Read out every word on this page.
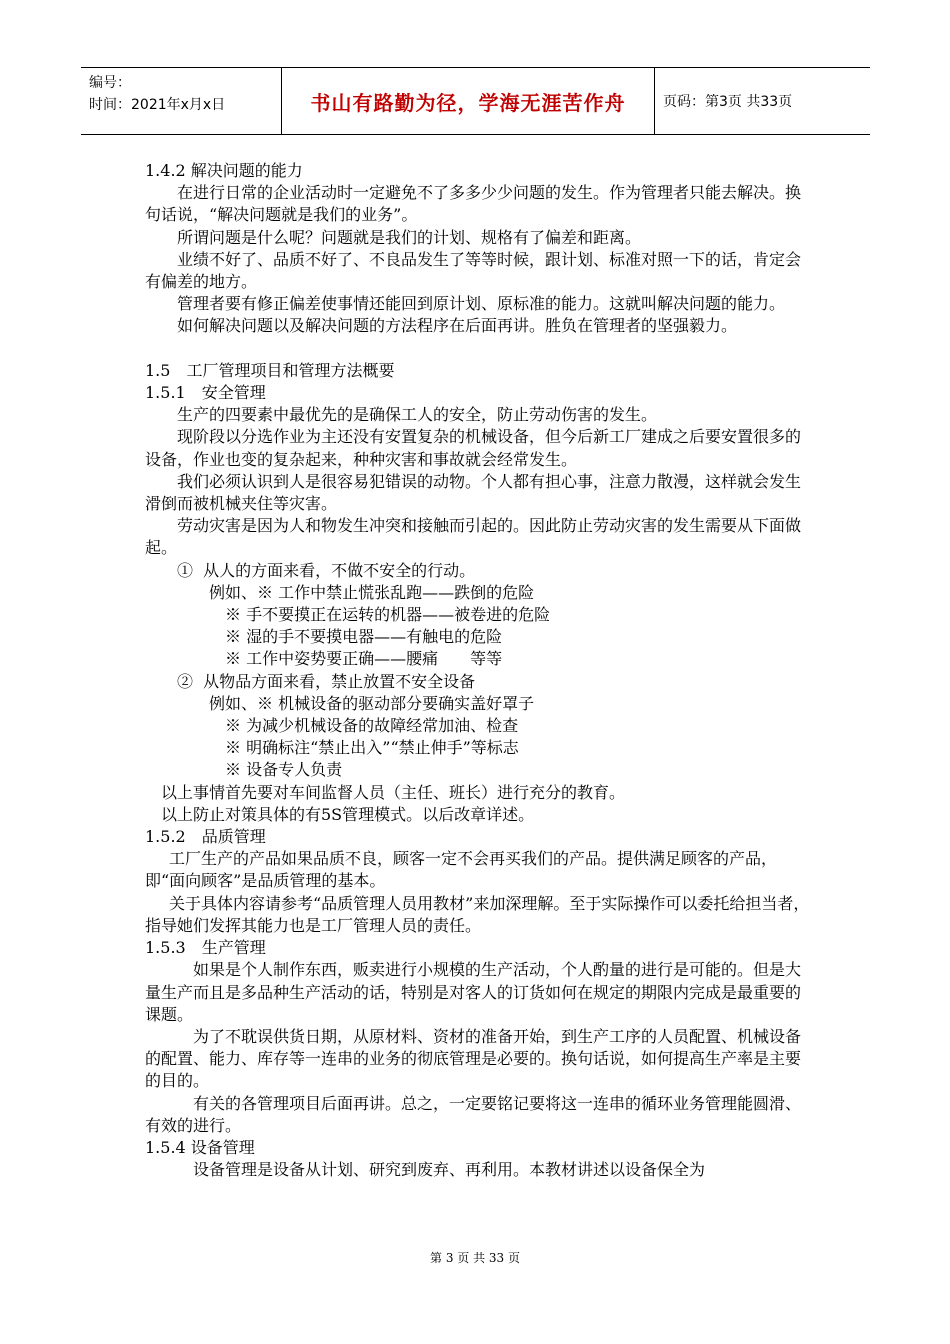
编号：
时间：2021年x月x日	书山有路勤为径，学海无涯苦作舟	页码：第3页 共33页

1.4.2 解决问题的能力

在进行日常的企业活动时一定避免不了多多少少问题的发生。作为管理者只能去解决。换句话说，“解决问题就是我们的业务”。

所谓问题是什么呢？问题就是我们的计划、规格有了偏差和距离。

业绩不好了、品质不好了、不良品发生了等等时候，跟计划、标准对照一下的话，肯定会有偏差的地方。

管理者要有修正偏差使事情还能回到原计划、原标准的能力。这就叫解决问题的能力。

如何解决问题以及解决问题的方法程序在后面再讲。胜负在管理者的坚强毅力。

1.5　工厂管理项目和管理方法概要

1.5.1　安全管理

生产的四要素中最优先的是确保工人的安全，防止劳动伤害的发生。

现阶段以分选作业为主还没有安置复杂的机械设备，但今后新工厂建成之后要安置很多的设备，作业也变的复杂起来，种种灾害和事故就会经常发生。

我们必须认识到人是很容易犯错误的动物。个人都有担心事，注意力散漫，这样就会发生滑倒而被机械夹住等灾害。

劳动灾害是因为人和物发生冲突和接触而引起的。因此防止劳动灾害的发生需要从下面做起。

①  从人的方面来看，不做不安全的行动。

例如、※ 工作中禁止慌张乱跑——跌倒的危险

※ 手不要摸正在运转的机器——被卷进的危险

※ 湿的手不要摸电器——有触电的危险

※ 工作中姿势要正确——腰痛　　等等

②  从物品方面来看，禁止放置不安全设备

例如、※ 机械设备的驱动部分要确实盖好罩子

※ 为减少机械设备的故障经常加油、检查

※ 明确标注“禁止出入”“禁止伸手”等标志

※ 设备专人负责

以上事情首先要对车间监督人员（主任、班长）进行充分的教育。

以上防止对策具体的有5S管理模式。以后改章详述。

1.5.2　品质管理

工厂生产的产品如果品质不良，顾客一定不会再买我们的产品。提供满足顾客的产品，即“面向顾客”是品质管理的基本。

关于具体内容请参考“品质管理人员用教材”来加深理解。至于实际操作可以委托给担当者，指导她们发挥其能力也是工厂管理人员的责任。

1.5.3　生产管理

如果是个人制作东西，贩卖进行小规模的生产活动，个人酌量的进行是可能的。但是大量生产而且是多品种生产活动的话，特别是对客人的订货如何在规定的期限内完成是最重要的课题。

为了不耽误供货日期，从原材料、资材的准备开始，到生产工序的人员配置、机械设备的配置、能力、库存等一连串的业务的彻底管理是必要的。换句话说，如何提高生产率是主要的目的。

有关的各管理项目后面再讲。总之，一定要铭记要将这一连串的循环业务管理能圆滑、有效的进行。

1.5.4 设备管理

设备管理是设备从计划、研究到废弃、再利用。本教材讲述以设备保全为

第 3 页 共 33 页
